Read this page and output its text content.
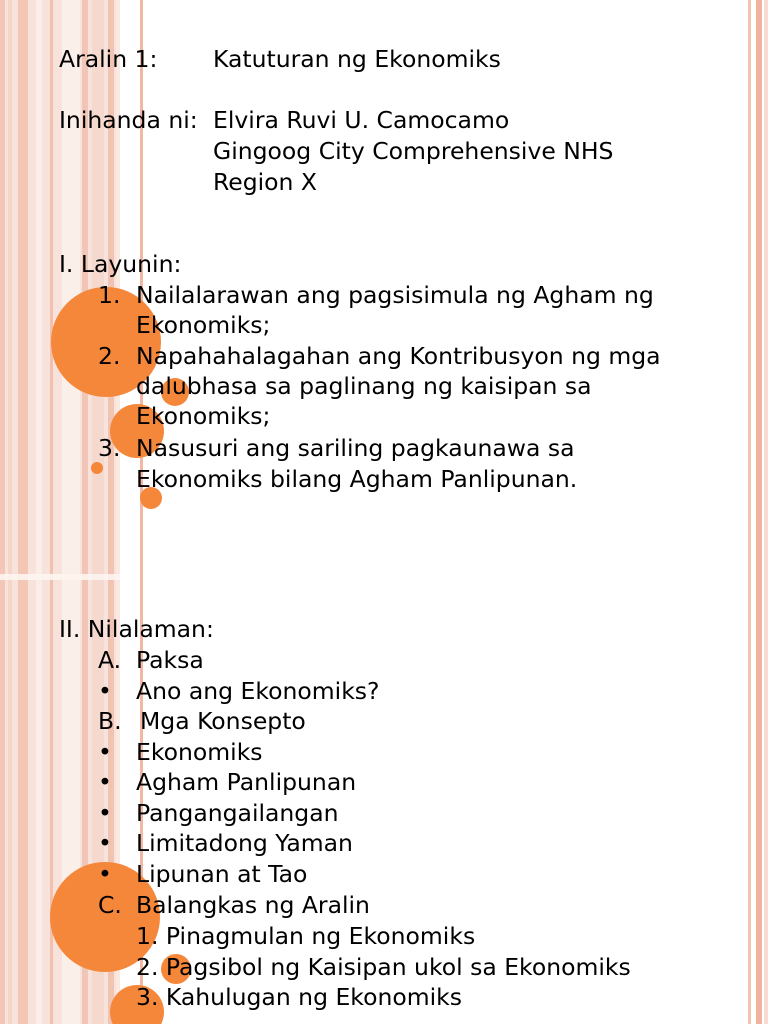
Aralin 1: Katuturan ng Ekonomiks
Inihanda ni: Elvira Ruvi U. Camocamo
Gingoog City Comprehensive NHS
Region X
I. Layunin:
1. Nailalarawan ang pagsisimula ng Agham ng
Ekonomiks;
2. Napahahalagahan ang Kontribusyon ng mga
dalubhasa sa paglinang ng kaisipan sa
Ekonomiks;
3. Nasusuri ang sariling pagkaunawa sa
Ekonomiks bilang Agham Panlipunan.
II. Nilalaman:
A. Paksa
• Ano ang Ekonomiks?
B. Mga Konsepto
• Ekonomiks
• Agham Panlipunan
• Pangangailangan
• Limitadong Yaman
• Lipunan at Tao
C. Balangkas ng Aralin
1. Pinagmulan ng Ekonomiks
2. Pagsibol ng Kaisipan ukol sa Ekonomiks
3. Kahulugan ng Ekonomiks
